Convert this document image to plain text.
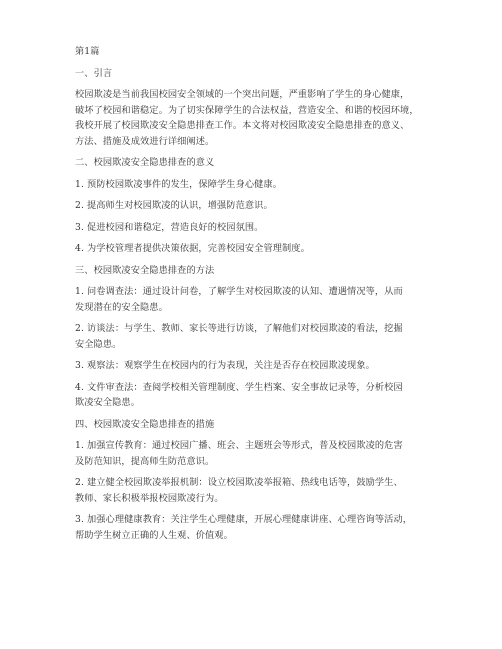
第1篇
一、引言
校园欺凌是当前我国校园安全领域的一个突出问题，严重影响了学生的身心健康，
破坏了校园和谐稳定。为了切实保障学生的合法权益，营造安全、和谐的校园环境，
我校开展了校园欺凌安全隐患排查工作。本文将对校园欺凌安全隐患排查的意义、
方法、措施及成效进行详细阐述。
二、校园欺凌安全隐患排查的意义
1. 预防校园欺凌事件的发生，保障学生身心健康。
2. 提高师生对校园欺凌的认识，增强防范意识。
3. 促进校园和谐稳定，营造良好的校园氛围。
4. 为学校管理者提供决策依据，完善校园安全管理制度。
三、校园欺凌安全隐患排查的方法
1. 问卷调查法：通过设计问卷，了解学生对校园欺凌的认知、遭遇情况等，从而
发现潜在的安全隐患。
2. 访谈法：与学生、教师、家长等进行访谈，了解他们对校园欺凌的看法，挖掘
安全隐患。
3. 观察法：观察学生在校园内的行为表现，关注是否存在校园欺凌现象。
4. 文件审查法：查阅学校相关管理制度、学生档案、安全事故记录等，分析校园
欺凌安全隐患。
四、校园欺凌安全隐患排查的措施
1. 加强宣传教育：通过校园广播、班会、主题班会等形式，普及校园欺凌的危害
及防范知识，提高师生防范意识。
2. 建立健全校园欺凌举报机制：设立校园欺凌举报箱、热线电话等，鼓励学生、
教师、家长积极举报校园欺凌行为。
3. 加强心理健康教育：关注学生心理健康，开展心理健康讲座、心理咨询等活动，
帮助学生树立正确的人生观、价值观。
